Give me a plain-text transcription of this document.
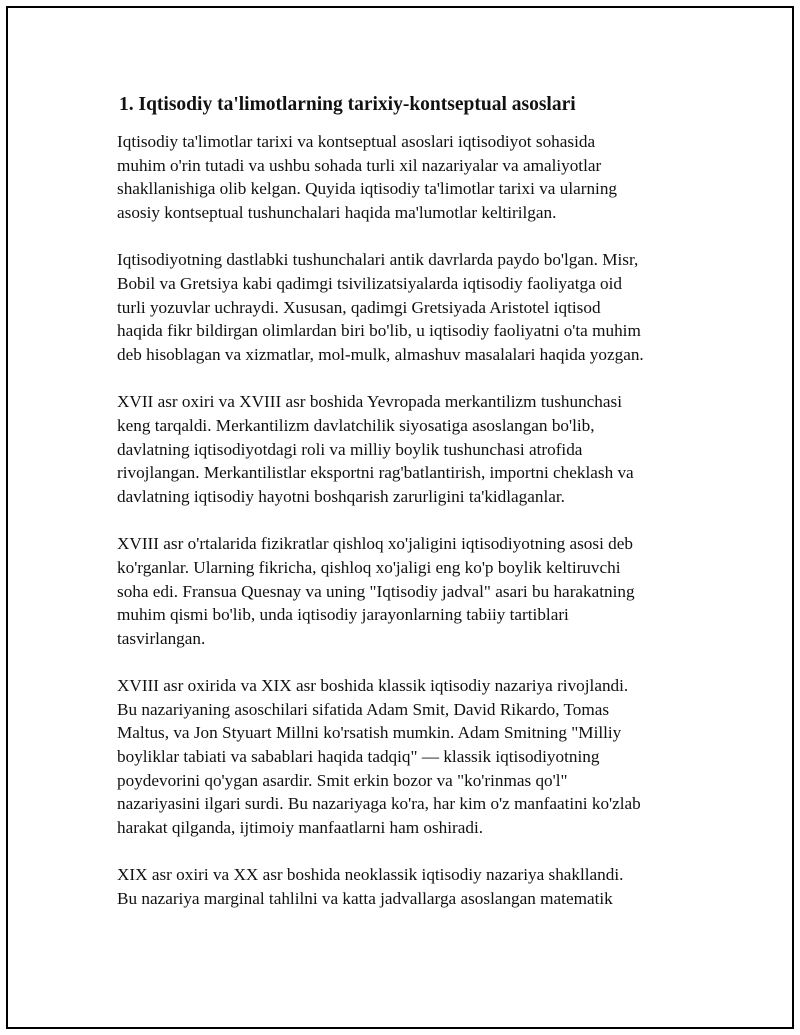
1. Iqtisodiy ta'limotlarning tarixiy-kontseptual asoslari

Iqtisodiy ta'limotlar tarixi va kontseptual asoslari iqtisodiyot sohasida
muhim o'rin tutadi va ushbu sohada turli xil nazariyalar va amaliyotlar
shakllanishiga olib kelgan. Quyida iqtisodiy ta'limotlar tarixi va ularning
asosiy kontseptual tushunchalari haqida ma'lumotlar keltirilgan.

Iqtisodiyotning dastlabki tushunchalari antik davrlarda paydo bo'lgan. Misr,
Bobil va Gretsiya kabi qadimgi tsivilizatsiyalarda iqtisodiy faoliyatga oid
turli yozuvlar uchraydi. Xususan, qadimgi Gretsiyada Aristotel iqtisod
haqida fikr bildirgan olimlardan biri bo'lib, u iqtisodiy faoliyatni o'ta muhim
deb hisoblagan va xizmatlar, mol-mulk, almashuv masalalari haqida yozgan.

XVII asr oxiri va XVIII asr boshida Yevropada merkantilizm tushunchasi
keng tarqaldi. Merkantilizm davlatchilik siyosatiga asoslangan bo'lib,
davlatning iqtisodiyotdagi roli va milliy boylik tushunchasi atrofida
rivojlangan. Merkantilistlar eksportni rag'batlantirish, importni cheklash va
davlatning iqtisodiy hayotni boshqarish zarurligini ta'kidlaganlar.

XVIII asr o'rtalarida fizikratlar qishloq xo'jaligini iqtisodiyotning asosi deb
ko'rganlar. Ularning fikricha, qishloq xo'jaligi eng ko'p boylik keltiruvchi
soha edi. Fransua Quesnay va uning "Iqtisodiy jadval" asari bu harakatning
muhim qismi bo'lib, unda iqtisodiy jarayonlarning tabiiy tartiblari
tasvirlangan.

XVIII asr oxirida va XIX asr boshida klassik iqtisodiy nazariya rivojlandi.
Bu nazariyaning asoschilari sifatida Adam Smit, David Rikardo, Tomas
Maltus, va Jon Styuart Millni ko'rsatish mumkin. Adam Smitning "Milliy
boyliklar tabiati va sabablari haqida tadqiq" — klassik iqtisodiyotning
poydevorini qo'ygan asardir. Smit erkin bozor va "ko'rinmas qo'l"
nazariyasini ilgari surdi. Bu nazariyaga ko'ra, har kim o'z manfaatini ko'zlab
harakat qilganda, ijtimoiy manfaatlarni ham oshiradi.

XIX asr oxiri va XX asr boshida neoklassik iqtisodiy nazariya shakllandi.
Bu nazariya marginal tahlilni va katta jadvallarga asoslangan matematik
